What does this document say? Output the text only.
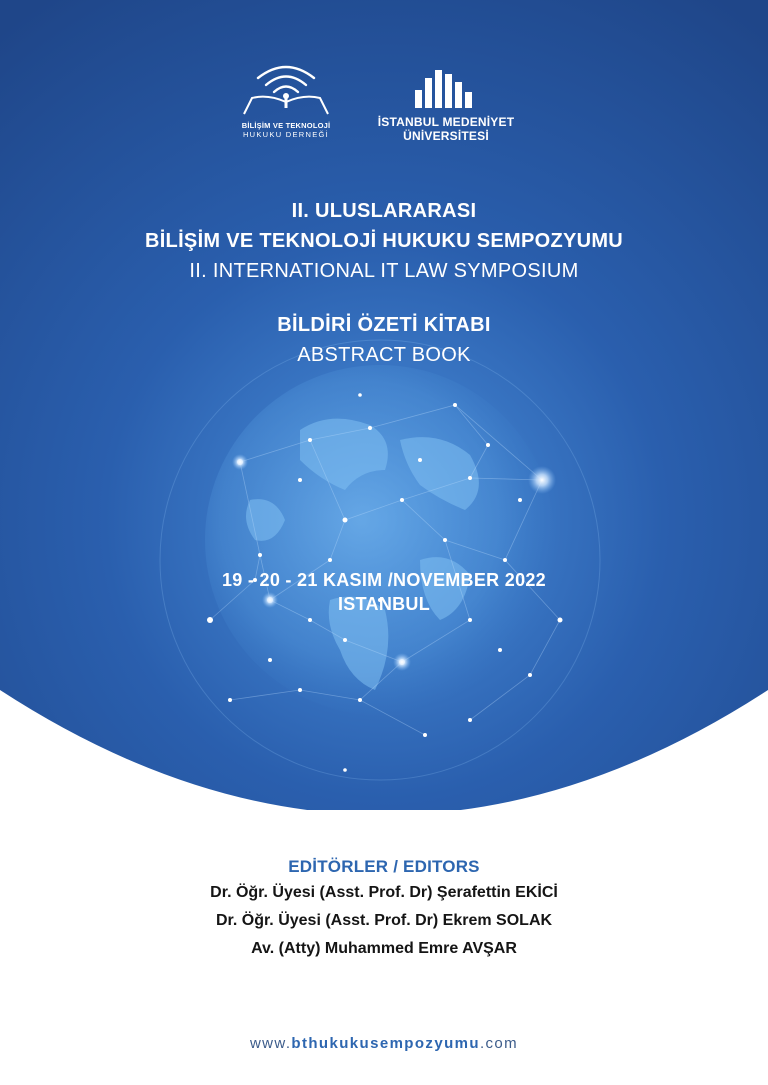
BİLİŞİM VE TEKNOLOJİ
HUKUKU DERNEĞİ
İSTANBUL MEDENİYET
ÜNİVERSİTESİ
II. ULUSLARARASI
BİLİŞİM VE TEKNOLOJİ HUKUKU SEMPOZYUMU
II. INTERNATIONAL IT LAW SYMPOSIUM
BİLDİRİ ÖZETİ KİTABI
ABSTRACT BOOK
19 - 20 - 21 KASIM /NOVEMBER 2022
ISTANBUL
EDİTÖRLER / EDITORS
Dr. Öğr. Üyesi (Asst. Prof. Dr) Şerafettin EKİCİ
Dr. Öğr. Üyesi (Asst. Prof. Dr) Ekrem SOLAK
Av. (Atty) Muhammed Emre AVŞAR
www.bthukukusempozyumu.com
